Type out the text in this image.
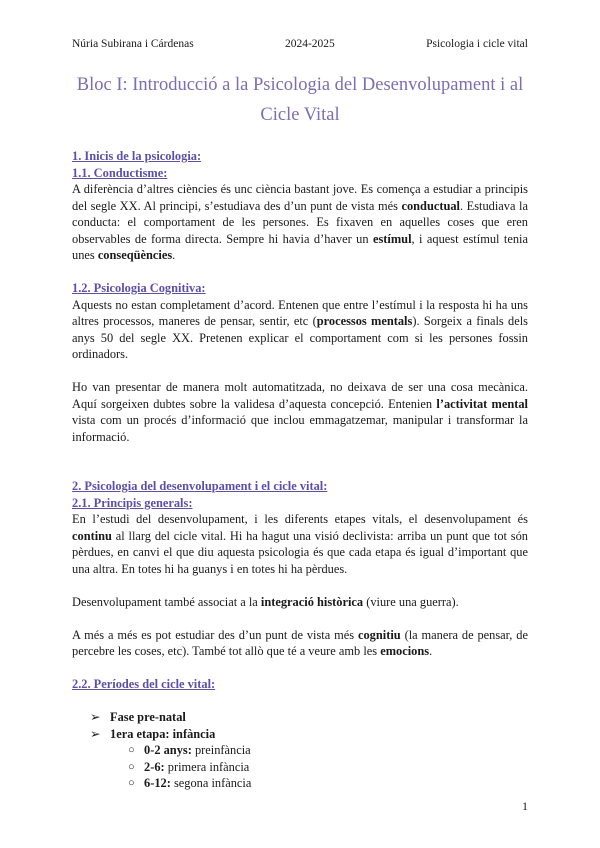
Núria Subirana i Cárdenas	2024-2025	Psicologia i cicle vital
Bloc I: Introducció a la Psicologia del Desenvolupament i al
Cicle Vital
1. Inicis de la psicologia:
1.1. Conductisme:

A diferència d’altres ciències és unc ciència bastant jove. Es comença a estudiar a principis del segle XX. Al principi, s’estudiava des d’un punt de vista més conductual. Estudiava la conducta: el comportament de les persones. Es fixaven en aquelles coses que eren observables de forma directa. Sempre hi havia d’haver un estímul, i aquest estímul tenia unes conseqüències.

1.2. Psicologia Cognitiva:

Aquests no estan completament d’acord. Entenen que entre l’estímul i la resposta hi ha uns altres processos, maneres de pensar, sentir, etc (processos mentals). Sorgeix a finals dels anys 50 del segle XX. Pretenen explicar el comportament com si les persones fossin ordinadors.

Ho van presentar de manera molt automatitzada, no deixava de ser una cosa mecànica. Aquí sorgeixen dubtes sobre la validesa d’aquesta concepció. Entenien l’activitat mental vista com un procés d’informació que inclou emmagatzemar, manipular i transformar la informació.

2. Psicologia del desenvolupament i el cicle vital:
2.1. Principis generals:

En l’estudi del desenvolupament, i les diferents etapes vitals, el desenvolupament és continu al llarg del cicle vital. Hi ha hagut una visió declivista: arriba un punt que tot són pèrdues, en canvi el que diu aquesta psicologia és que cada etapa és igual d’important que una altra. En totes hi ha guanys i en totes hi ha pèrdues.

Desenvolupament també associat a la integració històrica (viure una guerra).

A més a més es pot estudiar des d’un punt de vista més cognitiu (la manera de pensar, de percebre les coses, etc). També tot allò que té a veure amb les emocions.

2.2. Períodes del cicle vital:
➢ Fase pre-natal
➢ 1era etapa: infància
○ 0-2 anys: preinfància
○ 2-6: primera infància
○ 6-12: segona infància
1
